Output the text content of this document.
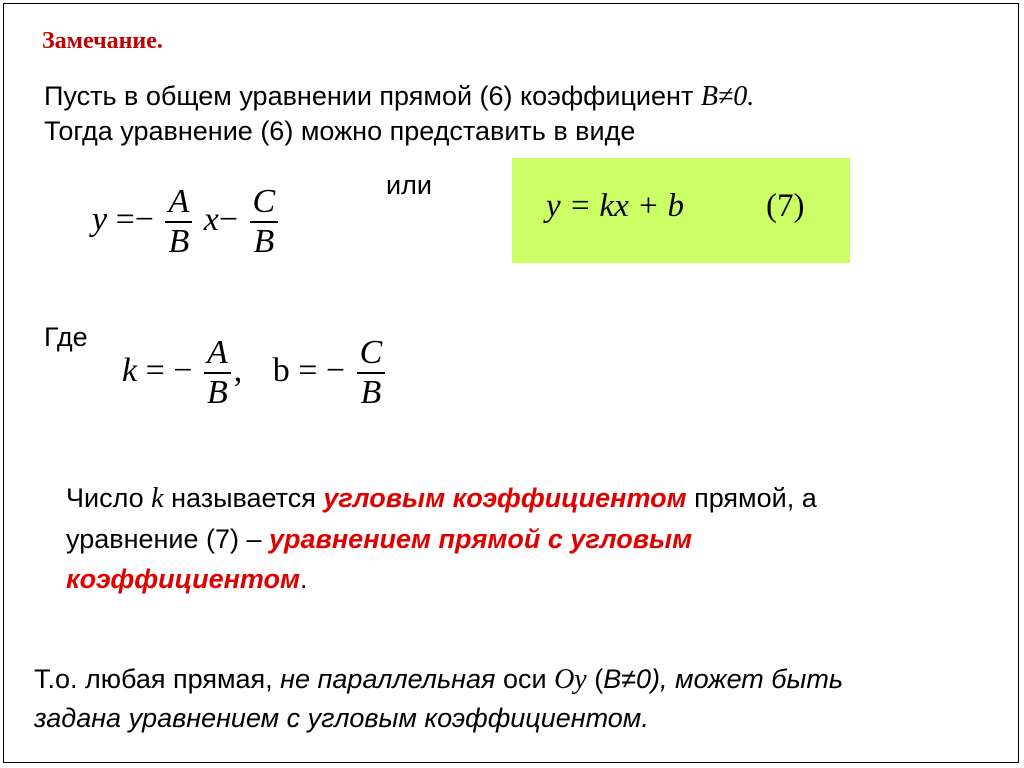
Замечание.
Пусть в общем уравнении прямой (6) коэффициент B≠0.
Тогда уравнение (6) можно представить в виде
$y =- \frac{A}{B} x- \frac{C}{B}$	или
y = kx + b (7)
Где
k = − $\frac{A}{B}$ , b = − $\frac{C}{B}$
Число k называется угловым коэффициентом прямой, а
уравнение (7) – уравнением прямой с угловым
коэффициентом.
Т.о. любая прямая, не параллельная оси Oy (B≠0), может быть
задана уравнением с угловым коэффициентом.
